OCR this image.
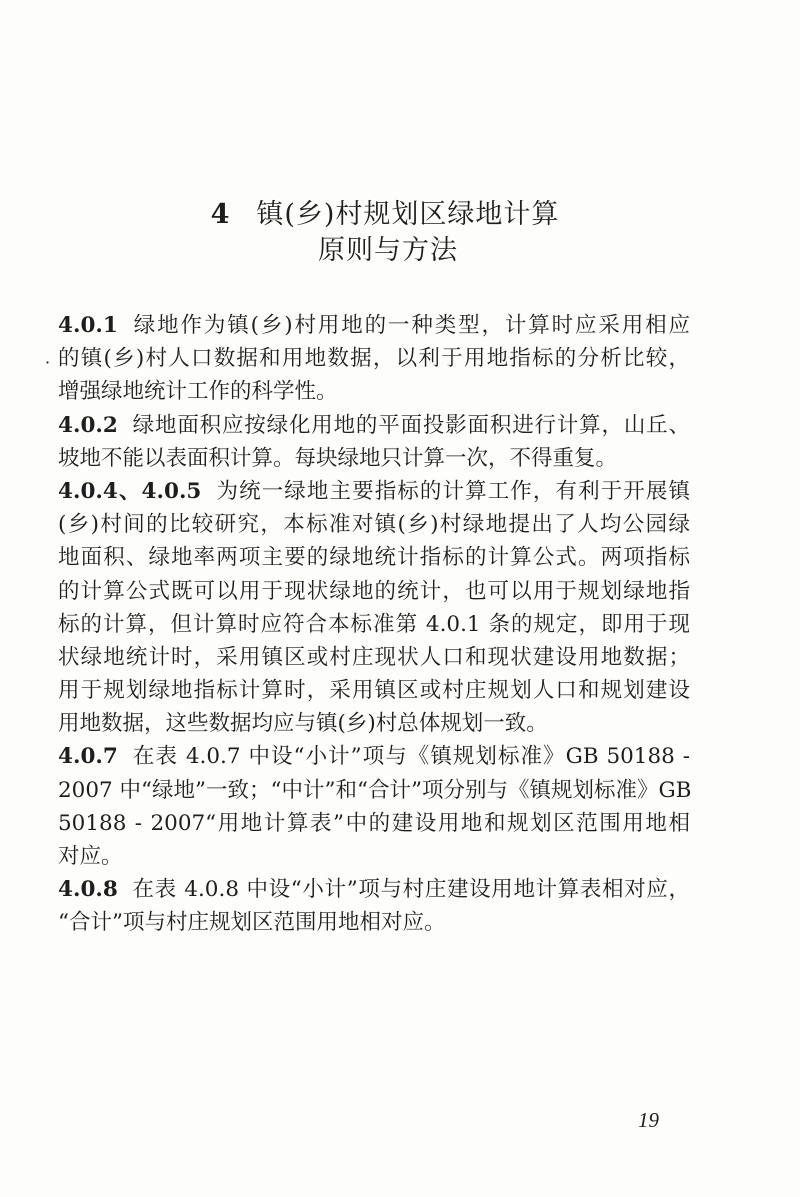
4 镇(乡)村规划区绿地计算
原则与方法
·
4.0.1 绿地作为镇(乡)村用地的一种类型，计算时应采用相应
的镇(乡)村人口数据和用地数据，以利于用地指标的分析比较，
增强绿地统计工作的科学性。
4.0.2 绿地面积应按绿化用地的平面投影面积进行计算，山丘、
坡地不能以表面积计算。每块绿地只计算一次，不得重复。
4.0.4、4.0.5 为统一绿地主要指标的计算工作，有利于开展镇
(乡)村间的比较研究，本标准对镇(乡)村绿地提出了人均公园绿
地面积、绿地率两项主要的绿地统计指标的计算公式。两项指标
的计算公式既可以用于现状绿地的统计，也可以用于规划绿地指
标的计算，但计算时应符合本标准第 4.0.1 条的规定，即用于现
状绿地统计时，采用镇区或村庄现状人口和现状建设用地数据；
用于规划绿地指标计算时，采用镇区或村庄规划人口和规划建设
用地数据，这些数据均应与镇(乡)村总体规划一致。
4.0.7 在表 4.0.7 中设“小计”项与《镇规划标准》GB 50188 -
2007 中“绿地”一致；“中计”和“合计”项分别与《镇规划标准》GB
50188 - 2007“用地计算表”中的建设用地和规划区范围用地相
对应。
4.0.8 在表 4.0.8 中设“小计”项与村庄建设用地计算表相对应，
“合计”项与村庄规划区范围用地相对应。
19
